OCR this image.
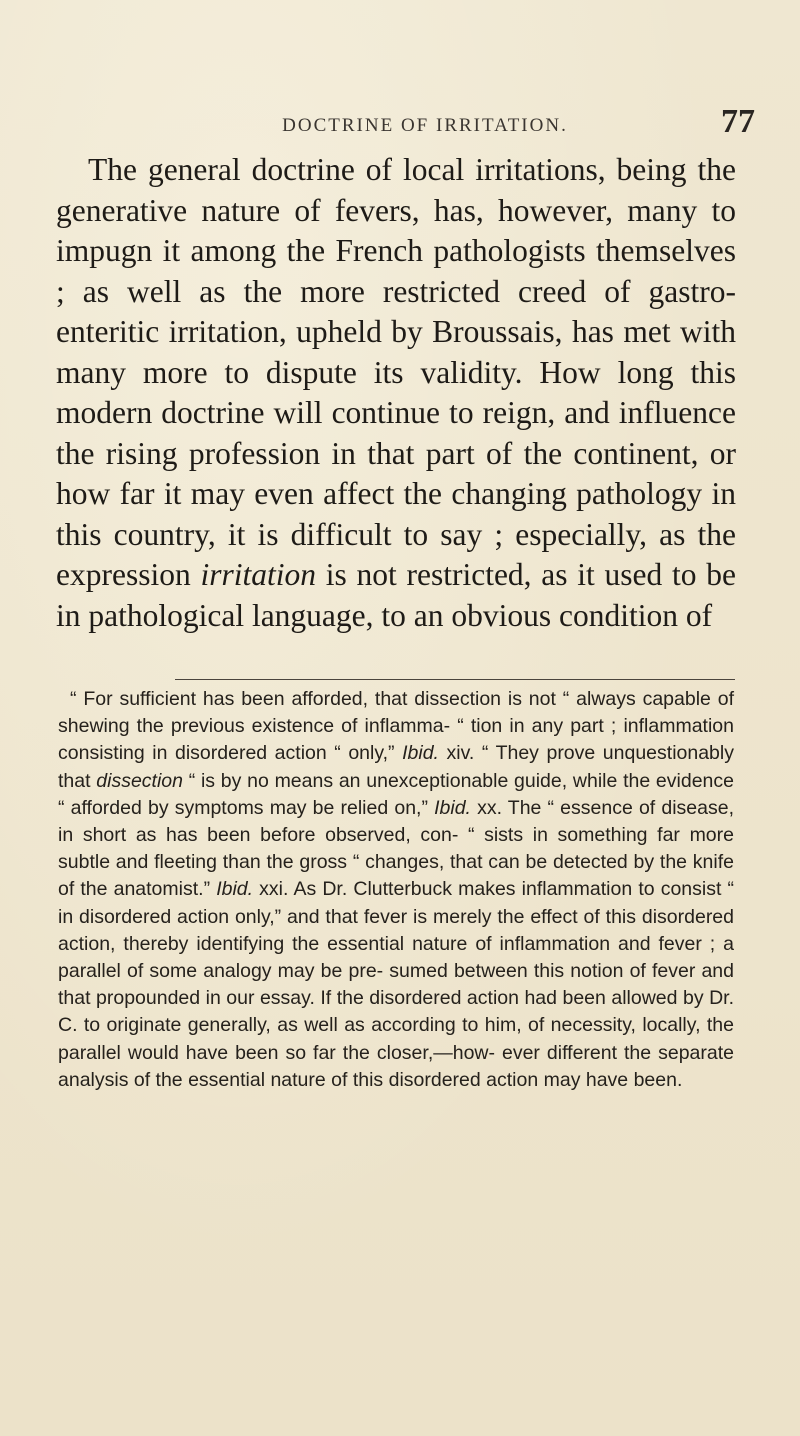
DOCTRINE OF IRRITATION.	77

The general doctrine of local irritations, being the generative nature of fevers, has, however, many to impugn it among the French pathologists themselves ; as well as the more restricted creed of gastro-enteritic irritation, upheld by Broussais, has met with many more to dispute its validity. How long this modern doctrine will continue to reign, and influence the rising profession in that part of the continent, or how far it may even affect the changing pathology in this country, it is difficult to say ; especially, as the expression irritation is not restricted, as it used to be in pathological language, to an obvious condition of

“ For sufficient has been afforded, that dissection is not “ always capable of shewing the previous existence of inflamma- “ tion in any part ; inflammation consisting in disordered action “ only,” Ibid. xiv. “ They prove unquestionably that dissection “ is by no means an unexceptionable guide, while the evidence “ afforded by symptoms may be relied on,” Ibid. xx. The “ essence of disease, in short as has been before observed, con- “ sists in something far more subtle and fleeting than the gross “ changes, that can be detected by the knife of the anatomist.” Ibid. xxi. As Dr. Clutterbuck makes inflammation to consist “ in disordered action only,” and that fever is merely the effect of this disordered action, thereby identifying the essential nature of inflammation and fever ; a parallel of some analogy may be pre- sumed between this notion of fever and that propounded in our essay. If the disordered action had been allowed by Dr. C. to originate generally, as well as according to him, of necessity, locally, the parallel would have been so far the closer,—how- ever different the separate analysis of the essential nature of this disordered action may have been.
